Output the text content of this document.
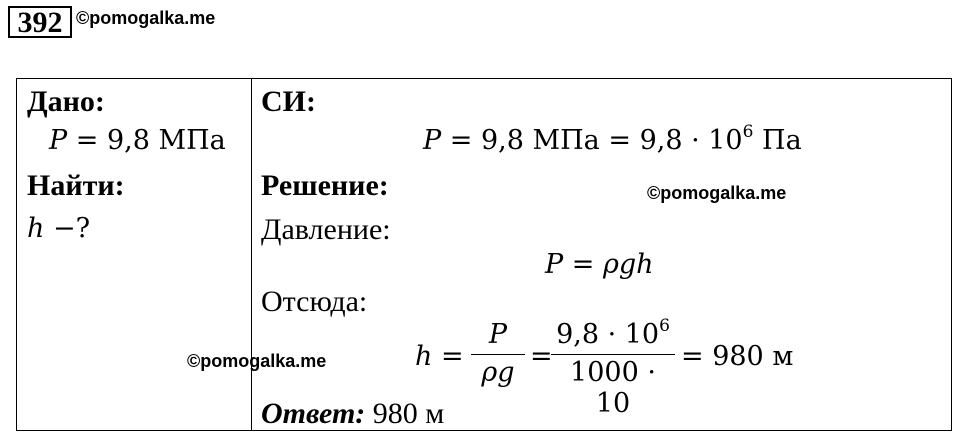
392 ©pomogalka.me
Дано:
P = 9,8 МПа
Найти:
h −?
СИ:
P = 9,8 МПа = $9,8 \cdot 10^6$ Па
Решение:	©pomogalka.me
Давление:
P = ρgh
Отсюда:
$h = \frac{P}{\rho g}$ =
$\frac{9,8 \cdot 10^6}{1000 \cdot 10} = 980$ м
©pomogalka.me
Ответ: 980 м
